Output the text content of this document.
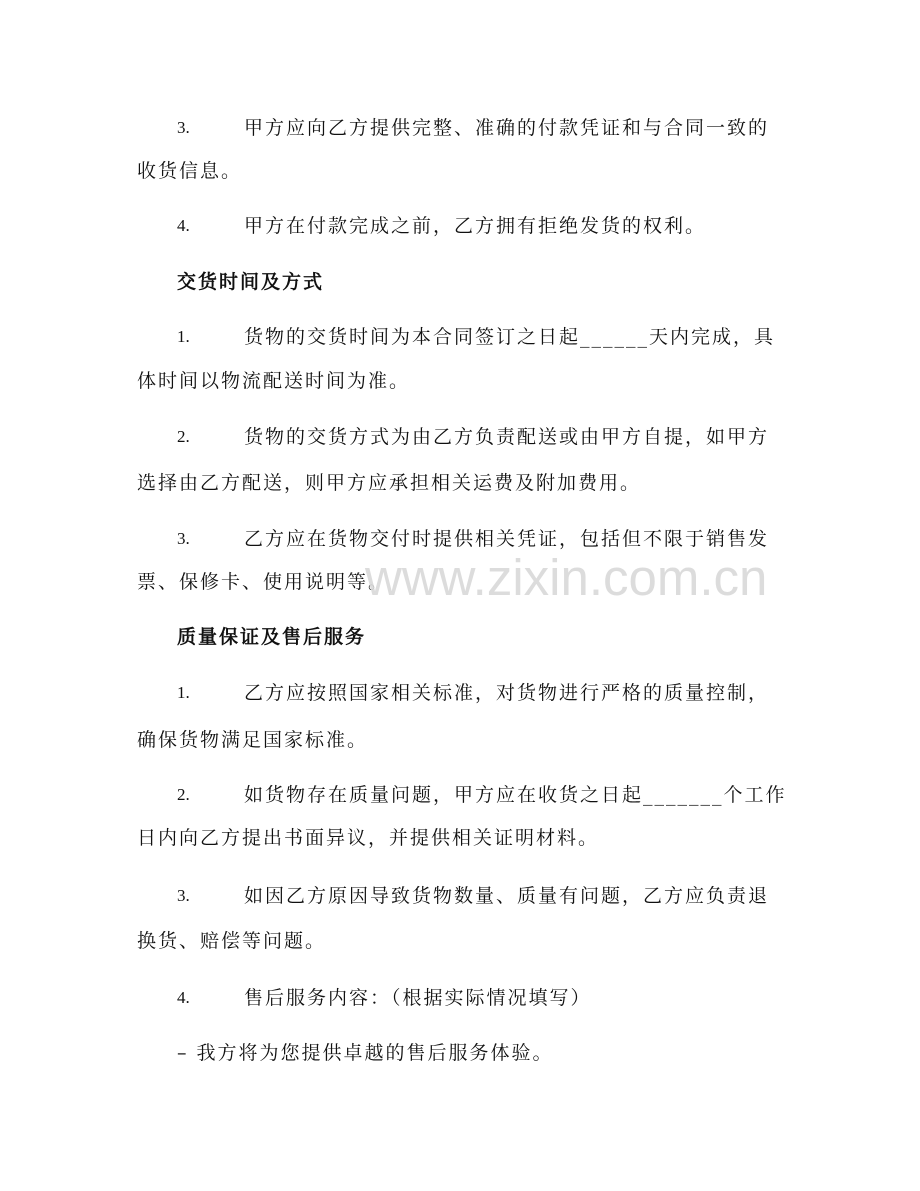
3.	甲方应向乙方提供完整、准确的付款凭证和与合同一致的
收货信息。
4.	甲方在付款完成之前，乙方拥有拒绝发货的权利。
交货时间及方式
1.	货物的交货时间为本合同签订之日起______天内完成，具
体时间以物流配送时间为准。
2.	货物的交货方式为由乙方负责配送或由甲方自提，如甲方
选择由乙方配送，则甲方应承担相关运费及附加费用。
3.	乙方应在货物交付时提供相关凭证，包括但不限于销售发
票、保修卡、使用说明等。
质量保证及售后服务
1.	乙方应按照国家相关标准，对货物进行严格的质量控制，
确保货物满足国家标准。
2.	如货物存在质量问题，甲方应在收货之日起_______个工作
日内向乙方提出书面异议，并提供相关证明材料。
3.	如因乙方原因导致货物数量、质量有问题，乙方应负责退
换货、赔偿等问题。
4.	售后服务内容：（根据实际情况填写）
– 我方将为您提供卓越的售后服务体验。
www.zixin.com.cn
